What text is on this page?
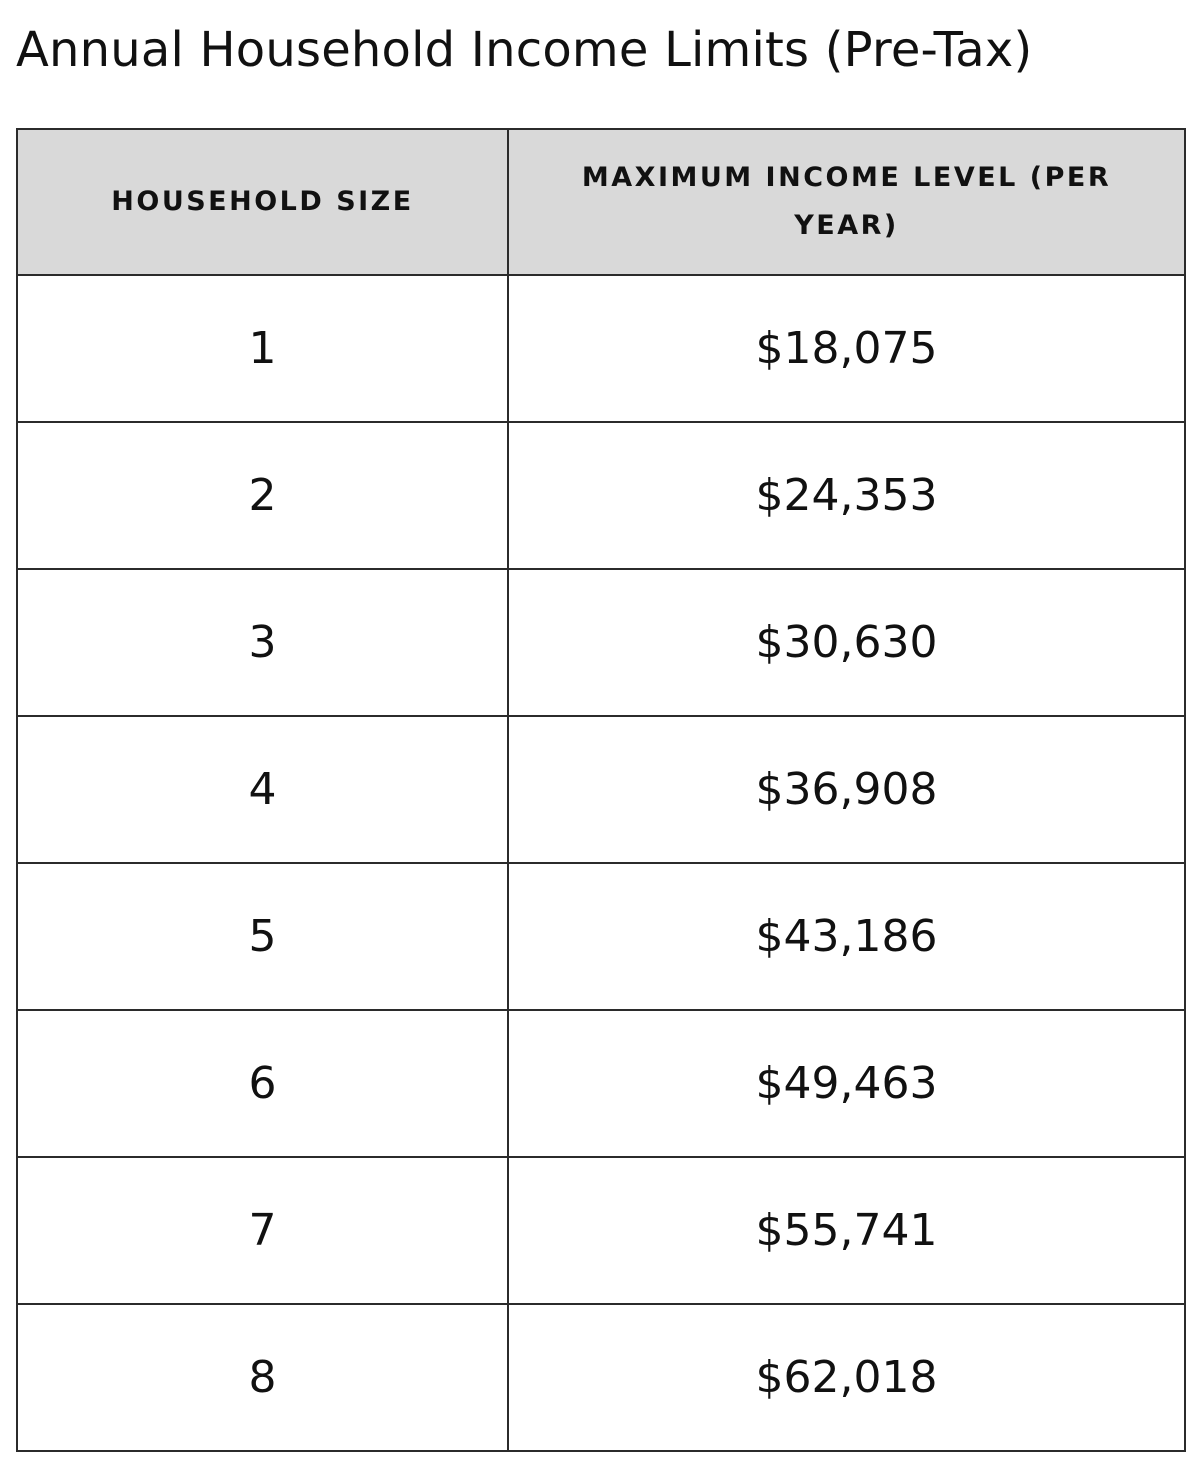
Annual Household Income Limits (Pre-Tax)
HOUSEHOLD SIZE	MAXIMUM INCOME LEVEL (PER YEAR)
1	$18,075
2	$24,353
3	$30,630
4	$36,908
5	$43,186
6	$49,463
7	$55,741
8	$62,018
